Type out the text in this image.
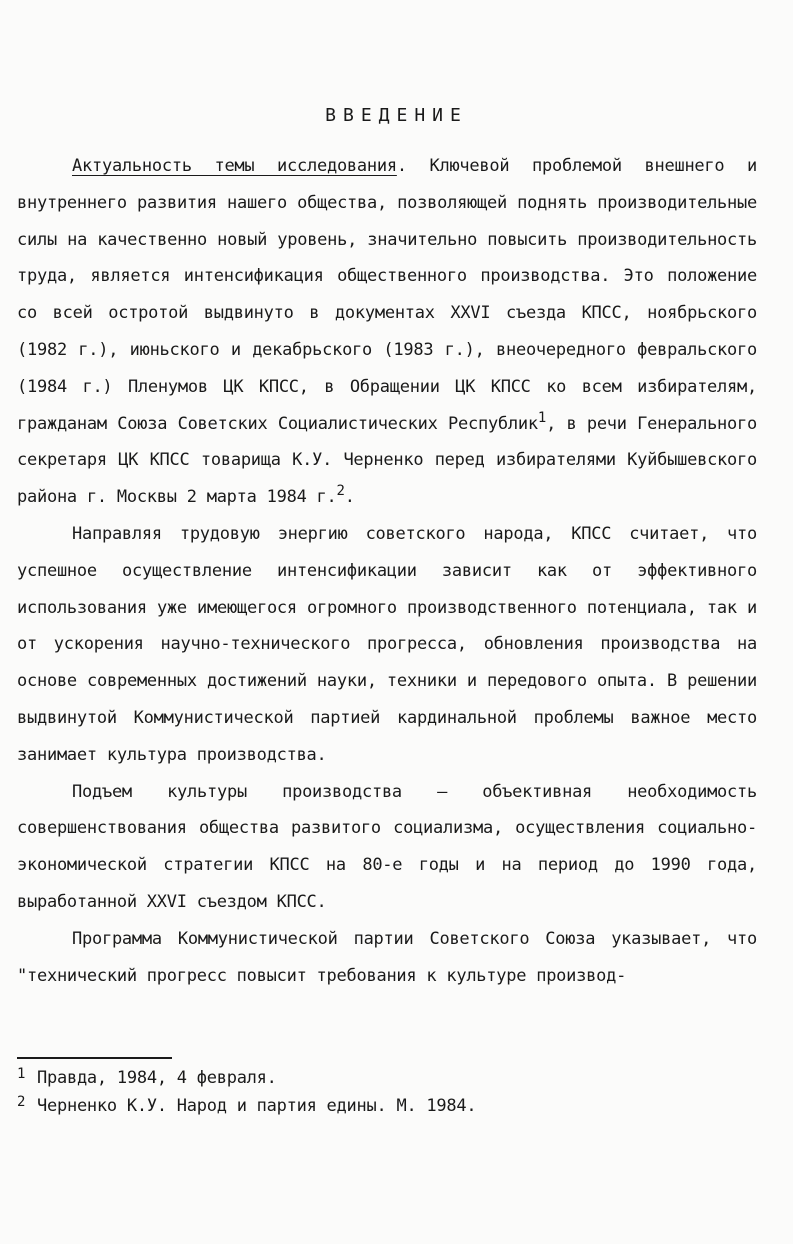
ВВЕДЕНИЕ

Актуальность темы исследования. Ключевой проблемой внешнего и внутреннего развития нашего общества, позволяющей поднять производительные силы на качественно новый уровень, значительно повысить производительность труда, является интенсификация общественного производства. Это положение со всей остротой выдвинуто в документах XXVI съезда КПСС, ноябрьского (1982 г.), июньского и декабрьского (1983 г.), внеочередного февральского (1984 г.) Пленумов ЦК КПСС, в Обращении ЦК КПСС ко всем избирателям, гражданам Союза Советских Социалистических Республик$^1$, в речи Генерального секретаря ЦК КПСС товарища К.У. Черненко перед избирателями Куйбышевского района г. Москвы 2 марта 1984 г.$^2$.

Направляя трудовую энергию советского народа, КПСС считает, что успешное осуществление интенсификации зависит как от эффективного использования уже имеющегося огромного производственного потенциала, так и от ускорения научно-технического прогресса, обновления производства на основе современных достижений науки, техники и передового опыта. В решении выдвинутой Коммунистической партией кардинальной проблемы важное место занимает культура производства.

Подъем культуры производства – объективная необходимость совершенствования общества развитого социализма, осуществления социально-экономической стратегии КПСС на 80-е годы и на период до 1990 года, выработанной XXVI съездом КПСС.

Программа Коммунистической партии Советского Союза указывает, что "технический прогресс повысит требования к культуре производ-

1 Правда, 1984, 4 февраля.
2 Черненко К.У. Народ и партия едины. М. 1984.
